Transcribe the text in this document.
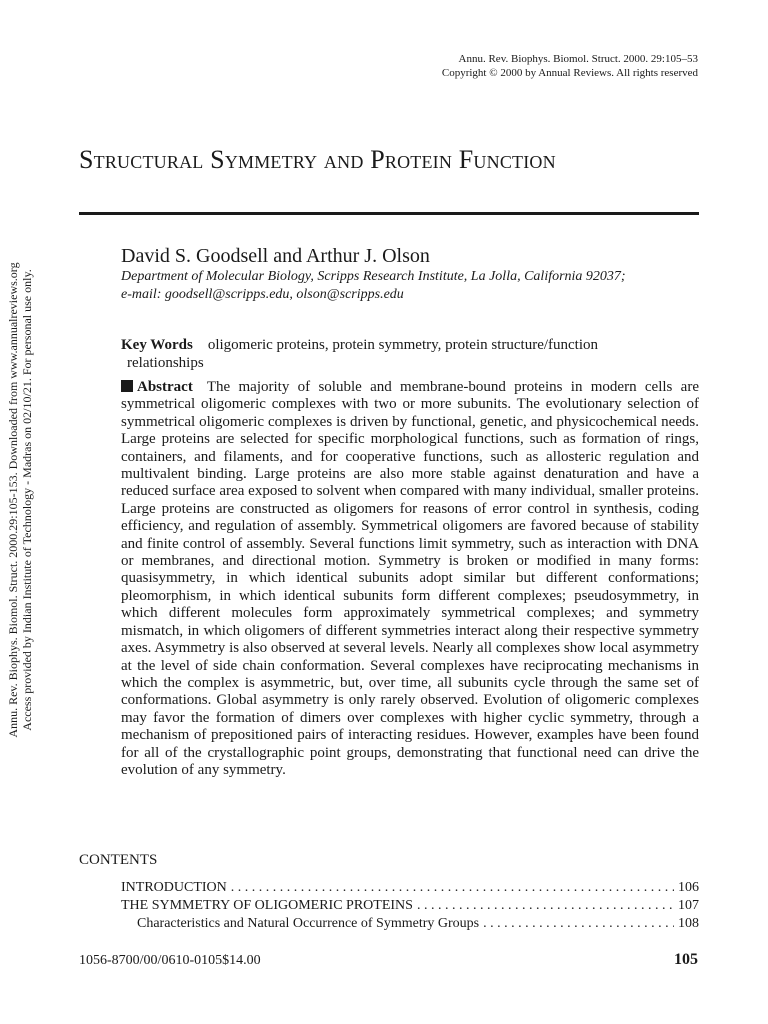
Annu. Rev. Biophys. Biomol. Struct. 2000.29:105-153. Downloaded from www.annualreviews.org Access provided by Indian Institute of Technology - Madras on 02/10/21. For personal use only.
Annu. Rev. Biophys. Biomol. Struct. 2000. 29:105–53
Copyright © 2000 by Annual Reviews. All rights reserved
Structural Symmetry and Protein Function
David S. Goodsell and Arthur J. Olson
Department of Molecular Biology, Scripps Research Institute, La Jolla, California 92037;
e-mail: goodsell@scripps.edu, olson@scripps.edu
Key Words oligomeric proteins, protein symmetry, protein structure/function
relationships
Abstract The majority of soluble and membrane-bound proteins in modern cells are symmetrical oligomeric complexes with two or more subunits. The evolutionary selection of symmetrical oligomeric complexes is driven by functional, genetic, and physicochemical needs. Large proteins are selected for specific morphological functions, such as formation of rings, containers, and filaments, and for cooperative functions, such as allosteric regulation and multivalent binding. Large proteins are also more stable against denaturation and have a reduced surface area exposed to solvent when compared with many individual, smaller proteins. Large proteins are constructed as oligomers for reasons of error control in synthesis, coding efficiency, and regulation of assembly. Symmetrical oligomers are favored because of stability and finite control of assembly. Several functions limit symmetry, such as interaction with DNA or membranes, and directional motion. Symmetry is broken or modified in many forms: quasisymmetry, in which identical subunits adopt similar but different conformations; pleomorphism, in which identical subunits form different complexes; pseudosymmetry, in which different molecules form approximately symmetrical complexes; and symmetry mismatch, in which oligomers of different symmetries interact along their respective symmetry axes. Asymmetry is also observed at several levels. Nearly all complexes show local asymmetry at the level of side chain conformation. Several complexes have reciprocating mechanisms in which the complex is asymmetric, but, over time, all subunits cycle through the same set of conformations. Global asymmetry is only rarely observed. Evolution of oligomeric complexes may favor the formation of dimers over complexes with higher cyclic symmetry, through a mechanism of prepositioned pairs of interacting residues. However, examples have been found for all of the crystallographic point groups, demonstrating that functional need can drive the evolution of any symmetry.
CONTENTS
INTRODUCTION . . .	106
THE SYMMETRY OF OLIGOMERIC PROTEINS . . .	107
Characteristics and Natural Occurrence of Symmetry Groups . . .	108
1056-8700/00/0610-0105$14.00	105
